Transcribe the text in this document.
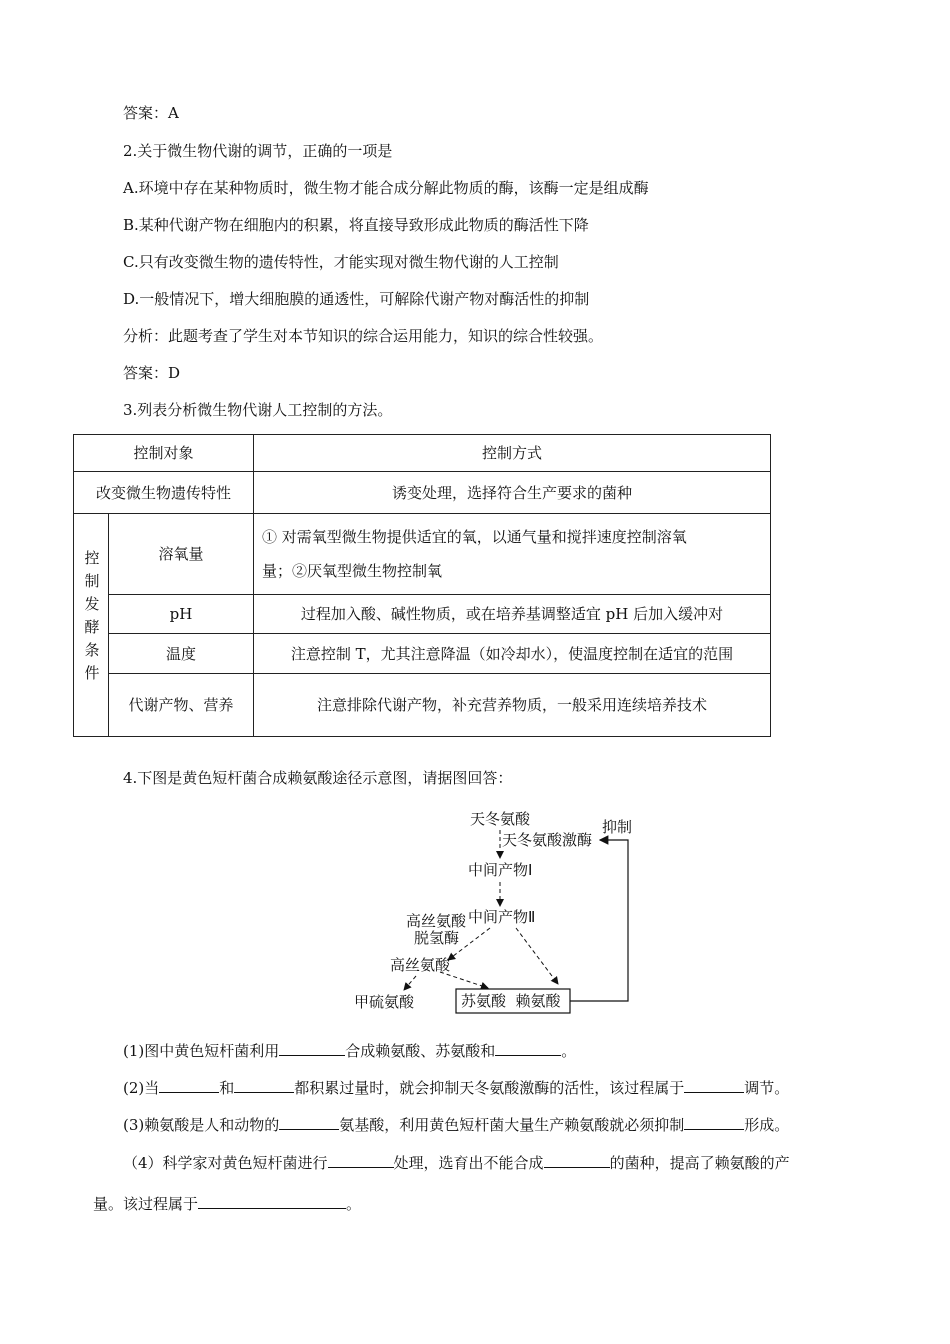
答案：A
2.关于微生物代谢的调节，正确的一项是
A.环境中存在某种物质时，微生物才能合成分解此物质的酶，该酶一定是组成酶
B.某种代谢产物在细胞内的积累，将直接导致形成此物质的酶活性下降
C.只有改变微生物的遗传特性，才能实现对微生物代谢的人工控制
D.一般情况下，增大细胞膜的通透性，可解除代谢产物对酶活性的抑制
分析：此题考查了学生对本节知识的综合运用能力，知识的综合性较强。
答案：D
3.列表分析微生物代谢人工控制的方法。
控制对象		控制方式
改变微生物遗传特性		诱变处理，选择符合生产要求的菌种
控制发酵条件	溶氧量	① 对需氧型微生物提供适宜的氧，以通气量和搅拌速度控制溶氧
量；②厌氧型微生物控制氧

	pH	过程加入酸、碱性物质，或在培养基调整适宜 pH 后加入缓冲对
	温度	注意控制 T，尤其注意降温（如冷却水），使温度控制在适宜的范围
	代谢产物、营养	注意排除代谢产物，补充营养物质，一般采用连续培养技术
4.下图是黄色短杆菌合成赖氨酸途径示意图，请据图回答：
天冬氨酸
天冬氨酸激酶
抑制
中间产物Ⅰ
中间产物Ⅱ
高丝氨酸
脱氢酶
高丝氨酸
甲硫氨酸	苏氨酸  赖氨酸
(1)图中黄色短杆菌利用	合成赖氨酸、苏氨酸和	。
(2)当	和	都积累过量时，就会抑制天冬氨酸激酶的活性，该过程属于	调节。
(3)赖氨酸是人和动物的	氨基酸，利用黄色短杆菌大量生产赖氨酸就必须抑制	形成。
（4）科学家对黄色短杆菌进行	处理，选育出不能合成	的菌种，提高了赖氨酸的产
量。该过程属于	。
